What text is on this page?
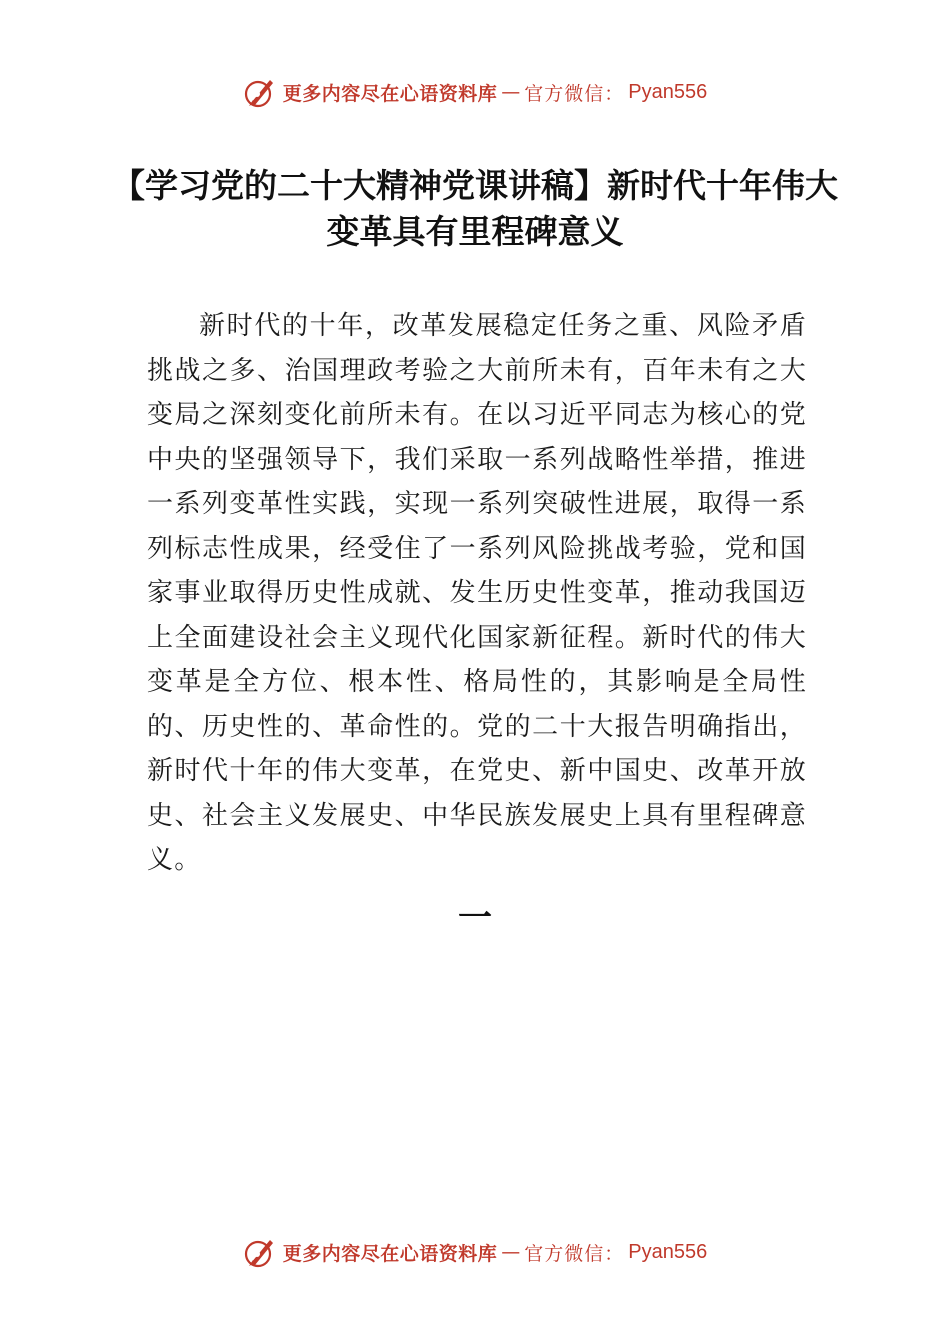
更多内容尽在心语资料库 — 官方微信： Pyan556
【学习党的二十大精神党课讲稿】新时代十年伟大变革具有里程碑意义

新时代的十年，改革发展稳定任务之重、风险矛盾挑战之多、治国理政考验之大前所未有，百年未有之大变局之深刻变化前所未有。在以习近平同志为核心的党中央的坚强领导下，我们采取一系列战略性举措，推进一系列变革性实践，实现一系列突破性进展，取得一系列标志性成果，经受住了一系列风险挑战考验，党和国家事业取得历史性成就、发生历史性变革，推动我国迈上全面建设社会主义现代化国家新征程。新时代的伟大变革是全方位、根本性、格局性的，其影响是全局性的、历史性的、革命性的。党的二十大报告明确指出，新时代十年的伟大变革，在党史、新中国史、改革开放史、社会主义发展史、中华民族发展史上具有里程碑意义。

一
更多内容尽在心语资料库 — 官方微信： Pyan556
